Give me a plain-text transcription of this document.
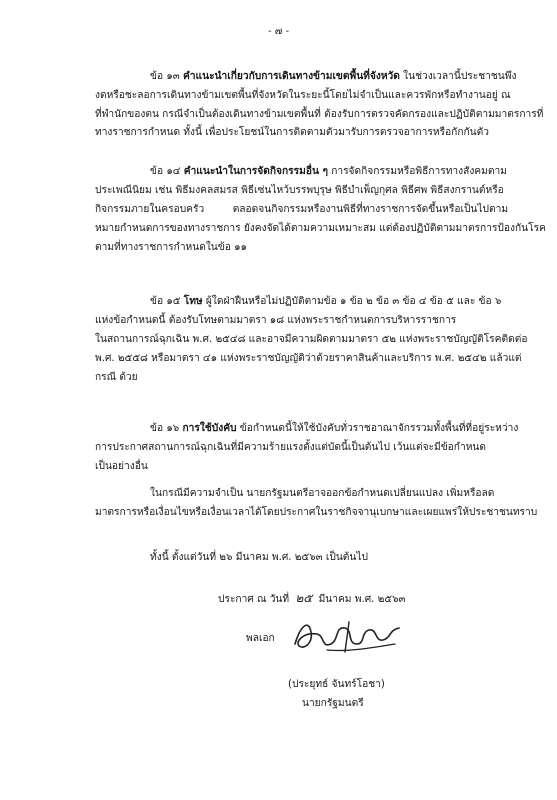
- ๗ -
ข้อ ๑๓ คำแนะนำเกี่ยวกับการเดินทางข้ามเขตพื้นที่จังหวัด ในช่วงเวลานี้ประชาชนพึง
งดหรือชะลอการเดินทางข้ามเขตพื้นที่จังหวัดในระยะนี้โดยไม่จำเป็นและควรพักหรือทำงานอยู่ ณ
ที่พำนักของตน กรณีจำเป็นต้องเดินทางข้ามเขตพื้นที่ ต้องรับการตรวจคัดกรองและปฏิบัติตามมาตรการที่
ทางราชการกำหนด ทั้งนี้ เพื่อประโยชน์ในการติดตามตัวมารับการตรวจอาการหรือกักกันตัว
ข้อ ๑๔ คำแนะนำในการจัดกิจกรรมอื่น ๆ การจัดกิจกรรมหรือพิธีการทางสังคมตาม
ประเพณีนิยม เช่น พิธีมงคลสมรส พิธีเซ่นไหว้บรรพบุรุษ พิธีบำเพ็ญกุศล พิธีศพ พิธีสงกรานต์หรือ
กิจกรรมภายในครอบครัว	ตลอดจนกิจกรรมหรืองานพิธีที่ทางราชการจัดขึ้นหรือเป็นไปตาม
หมายกำหนดการของทางราชการ ยังคงจัดได้ตามความเหมาะสม แต่ต้องปฏิบัติตามมาตรการป้องกันโรค
ตามที่ทางราชการกำหนดในข้อ ๑๑
ข้อ ๑๕ โทษ ผู้ใดฝ่าฝืนหรือไม่ปฏิบัติตามข้อ ๑ ข้อ ๒ ข้อ ๓ ข้อ ๔ ข้อ ๕ และ ข้อ ๖
แห่งข้อกำหนดนี้ ต้องรับโทษตามมาตรา ๑๘ แห่งพระราชกำหนดการบริหารราชการ
ในสถานการณ์ฉุกเฉิน พ.ศ. ๒๕๔๘ และอาจมีความผิดตามมาตรา ๕๒ แห่งพระราชบัญญัติโรคติดต่อ
พ.ศ. ๒๕๕๘ หรือมาตรา ๔๑ แห่งพระราชบัญญัติว่าด้วยราคาสินค้าและบริการ พ.ศ. ๒๕๔๒ แล้วแต่
กรณี ด้วย
ข้อ ๑๖ การใช้บังคับ ข้อกำหนดนี้ให้ใช้บังคับทั่วราชอาณาจักรรวมทั้งพื้นที่ที่อยู่ระหว่าง
การประกาศสถานการณ์ฉุกเฉินที่มีความร้ายแรงตั้งแต่บัดนี้เป็นต้นไป เว้นแต่จะมีข้อกำหนด
เป็นอย่างอื่น
ในกรณีมีความจำเป็น นายกรัฐมนตรีอาจออกข้อกำหนดเปลี่ยนแปลง เพิ่มหรือลด
มาตรการหรือเงื่อนไขหรือเงื่อนเวลาได้โดยประกาศในราชกิจจานุเบกษาและเผยแพร่ให้ประชาชนทราบ
ทั้งนี้ ตั้งแต่วันที่ ๒๖ มีนาคม พ.ศ. ๒๕๖๓ เป็นต้นไป
ประกาศ ณ วันที่ ๒๕ มีนาคม พ.ศ. ๒๕๖๓
พลเอก
(ประยุทธ์ จันทร์โอชา)
นายกรัฐมนตรี
